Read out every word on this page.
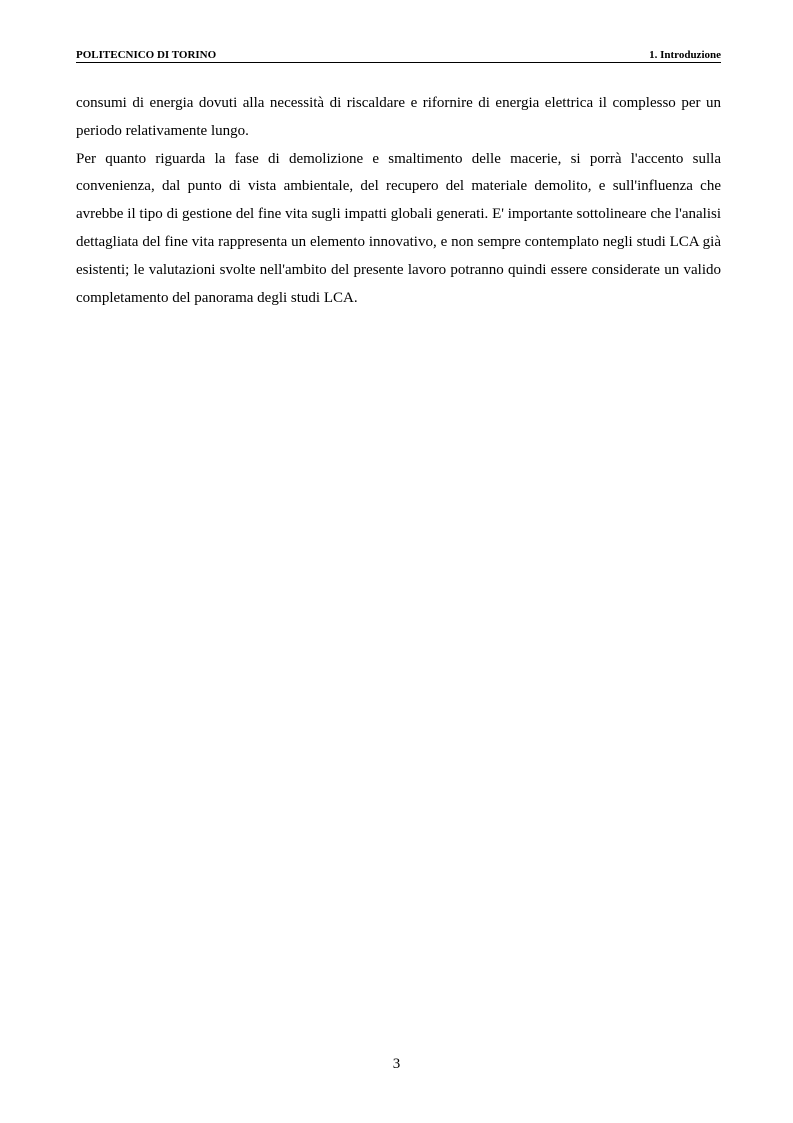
POLITECNICO DI TORINO	1. Introduzione

consumi di energia dovuti alla necessità di riscaldare e rifornire di energia elettrica il complesso per un periodo relativamente lungo.

Per quanto riguarda la fase di demolizione e smaltimento delle macerie, si porrà l'accento sulla convenienza, dal punto di vista ambientale, del recupero del materiale demolito, e sull'influenza che avrebbe il tipo di gestione del fine vita sugli impatti globali generati. E' importante sottolineare che l'analisi dettagliata del fine vita rappresenta un elemento innovativo, e non sempre contemplato negli studi LCA già esistenti; le valutazioni svolte nell'ambito del presente lavoro potranno quindi essere considerate un valido completamento del panorama degli studi LCA.

3
